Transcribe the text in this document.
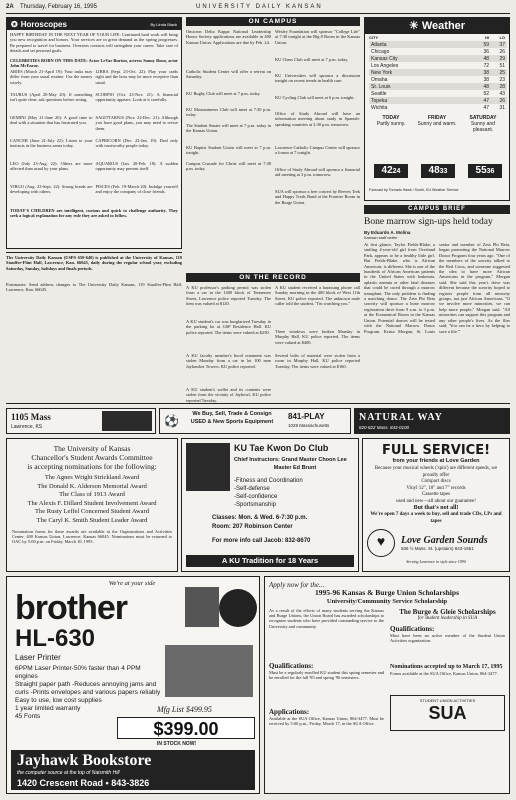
2A Thursday, February 16, 1995	UNIVERSITY DAILY KANSAN
✪ Horoscopes	By Linda Black
HAPPY BIRTHDAY IN THE NEXT YEAR OF YOUR LIFE: Continued hard work will bring you new recognition and honors. Your services are in great demand as the spring progresses. Be prepared to travel for business. Overseas contacts will strengthen your career. Take care of details and set personal goals.
CELEBRITIES BORN ON THIS DATE: Actor LeVar Burton, actress Sonny Bono, actor John McEnroe.
ARIES (March 21-April 19): Your tasks may differ from your usual routine. Use the money wisely.
TAURUS (April 20-May 20): If something isn't quite clear, ask questions before acting.
GEMINI (May 21-June 20): A good time to deal with a situation that has frustrated you.
CANCER (June 21-July 22): Listen to your instincts in the business arena today.
LEO (July 23-Aug. 22): Others are more affected than usual by your plans.
VIRGO (Aug. 23-Sept. 22): Strong bonds are developing with others.
LIBRA (Sept. 23-Oct. 22): Play your cards right and the boss may be more receptive than usual.
SCORPIO (Oct. 23-Nov. 21): A financial opportunity appears. Look at it carefully.
SAGITTARIUS (Nov. 22-Dec. 21): Although you have good plans, you may need to revise them.
CAPRICORN (Dec. 22-Jan. 19): Deal only with trustworthy people today.
AQUARIUS (Jan. 20-Feb. 18): A sudden opportunity may present itself.
PISCES (Feb. 19-March 20): Indulge yourself and enjoy the company of close friends.
TODAY'S CHILDREN are intelligent, curious and quick to challenge authority. They seek a logical explanation for any rule they are asked to follow.
The University Daily Kansan (USPS 650-640) is published at the University of Kansas, 119 Stauffer-Flint Hall, Lawrence, Kan. 66045, daily during the regular school year, excluding Saturday, Sunday, holidays and finals periods.
Postmaster: Send address changes to The University Daily Kansan, 119 Stauffer-Flint Hall, Lawrence, Kan. 66045.
ON CAMPUS
Omicron Delta Kappa National Leadership Honor Society applications are available in 400 Kansas Union. Applications are due by Feb. 24.
Catholic Student Center will offer a retreat on Saturday.
KU Rugby Club will meet at 7 p.m. today.
KU Mountaineers Club will meet at 7:30 p.m. today.
The Student Senate will meet at 7 p.m. today in the Kansas Union.
KU Baptist Student Union will meet at 7 p.m. tonight.
Campus Crusade for Christ will meet at 7:30 p.m. today.
Wesley Foundation will sponsor "College Life" at 7:30 tonight at the Big 8 Room in the Kansas Union.
KU Chess Club will meet at 7 p.m. today.
KU Universities will sponsor a discussion tonight on recent trends in health care.
KU Cycling Club will meet at 6 p.m. tonight.
Office of Study Abroad will have an information meeting about study in Spanish-speaking countries at 3:30 p.m. tomorrow.
Lawrence Catholic Campus Center will sponsor a forum at 7 tonight.
Office of Study Abroad will sponsor a financial aid meeting at 3 p.m. tomorrow.
SUA will sponsor a free concert by Reeves Trek and Happy Trails Band at the Frontier Room in the Burge Union.
ON THE RECORD
A KU professor's parking permit was stolen from a car in the 1400 block of Tennessee Street, Lawrence police reported Tuesday. The item was valued at $120.
A KU student's car was burglarized Tuesday in the parking lot at GSP Residence Hall. KU police reported. The items were valued at $250.
A KU faculty member's hood ornament was stolen Monday from a car in lot 100 near Jayhawker Towers, KU police reported.
A KU student's wallet and its contents were stolen from the vicinity of Jaybowl, KU police reported Tuesday.
A KU student received a harassing phone call Sunday morning in the 400 block of West 11th Street, KU police reported. The unknown male caller told the student, "I'm watching you."
Three windows were broken Monday in Murphy Hall, KU police reported. The items were valued at $400.
Several bolts of material were stolen from a room in Murphy Hall, KU police reported Tuesday. The items were valued at $160.
☀ Weather
CITY	HI	LO
Atlanta	59	37
Chicago	36	26
Kansas City	48	29
Los Angeles	72	51
New York	38	25
Omaha	38	23
St. Louis	48	28
Seattle	52	43
Topeka	47	26
Wichita	47	31
TODAY
Partly sunny.
FRIDAY
Sunny and warm.
SATURDAY
Sunny and pleasant.
4224	4833	5536
Forecast by Tornado Hawk / South, KU Weather Service
CAMPUS BRIEF
Bone marrow sign-ups held today
By Eduardo A. Molina
Kansan staff writer
At first glance, Taylor Fields-Blake, a smiling 4-year-old girl from Overland Park, appears to be a healthy little girl. But Fields-Blake, who is African American, is different. She is one of the hundreds of African American patients in the United States with leukemia, aplastic anemia or other fatal diseases that could be cured through a marrow transplant. The only problem is finding a matching donor. The Zeta Phi Beta sorority will sponsor a bone marrow registration drive from 9 a.m. to 3 p.m. at the Ecumenical Room in the Kansas Union. Potential donors will be tested with the National Marrow Donor Program. Krista Morgan, St. Louis senior and member of Zeta Phi Beta, began promoting the National Marrow Donor Program four years ago. "One of the members of the sorority talked to the Red Cross, and someone suggested the idea to have more African Americans in the program," Morgan said. She said this year's drive was different because the sorority hoped to register people from all minority groups, not just African Americans. "If we involve more minorities, we can help more people," Morgan said. "All minorities can support this program and any other people's lives. As the flier said, 'You can be a hero by helping to save a life.'"
1105 Mass
Lawrence, KS
We Buy, Sell, Trade & Consign
USED & New Sports Equipment
⚽	841-PLAY
1029 Massachusetts
NATURAL WAY
820-822 Mass. 843-0100
The University of Kansas
Chancellor's Student Awards Committee
is accepting nominations for the following:
The Agnes Wright Strickland Award
The Donald K. Alderson Memorial Award
The Class of 1913 Award
The Alexis F. Dillard Student Involvement Award
The Rusty Leffel Concerned Student Award
The Caryl K. Smith Student Leader Award
Nomination forms for these awards are available at the Organizations and Activities Center, 400 Kansas Union, Lawrence, Kansas 66045. Nominations must be returned to OAC by 5:00 p.m. on Friday, March 10, 1995.
KU Tae Kwon Do Club
Chief Instructors: Grand Master Choon Lee
Master Ed Brunt
-Fitness and Coordination
-Self-defense
-Self-confidence
-Sportsmanship
Classes: Mon. & Wed. 6-7:30 p.m.
Room: 207 Robinson Center
For more info call Jacob: 832-8670
A KU Tradition for 18 Years
FULL SERVICE!
from your friends at Love Garden
Because your musical wheels ('spin') are different speeds, we proudly offer
Compact discs
Vinyl 12", 10" and 7" records
Cassette tapes
used and new—all about our guarantee!
But that's not all!
We're open 7 days a week to buy, sell and trade CDs, LPs and tapes
♥	Love Garden Sounds
936 ½ Mass. St. (upstairs) 843-1551
Serving Lawrence in style since 1990
We're at your side
brother
HL-630
Laser Printer
6PPM Laser Printer-50% faster than 4 PPM engines
Straight paper path -Reduces annoying jams and curls -Prints envelopes and various papers reliably
Easy to use, low cost supplies
1 year limited warranty
45 Fonts
Mfg List $499.95
$399.00
IN STOCK NOW!
Jayhawk Bookstore
the computer source at the top of Naismith Hill
1420 Crescent Road • 843-3826
Apply now for the...
1995-96 Kansas & Burge Union Scholarships
University/Community Service Scholarship
As a result of the efforts of many students serving the Kansas and Burge Unions, the Union Board has awarded scholarships to recognize students who have provided outstanding service to the University and community.
Qualifications:
Must be a regularly enrolled KU student this spring semester and be enrolled for the fall '95 and spring '96 semesters.
Applications:
Available at the SUA Office, Kansas Union, 864-3477. Must be received by 5:00 p.m., Friday, March 17, in the SUA Office.
The Burge & Gleie Scholarships
for student leadership in SUA
Qualifications:
Must have been an active member of the Student Union Activities organization.
Nominations accepted up to March 17, 1995
Forms available at the SUA Office, Kansas Union, 864-3477.
STUDENT UNION ACTIVITIES
SUA
